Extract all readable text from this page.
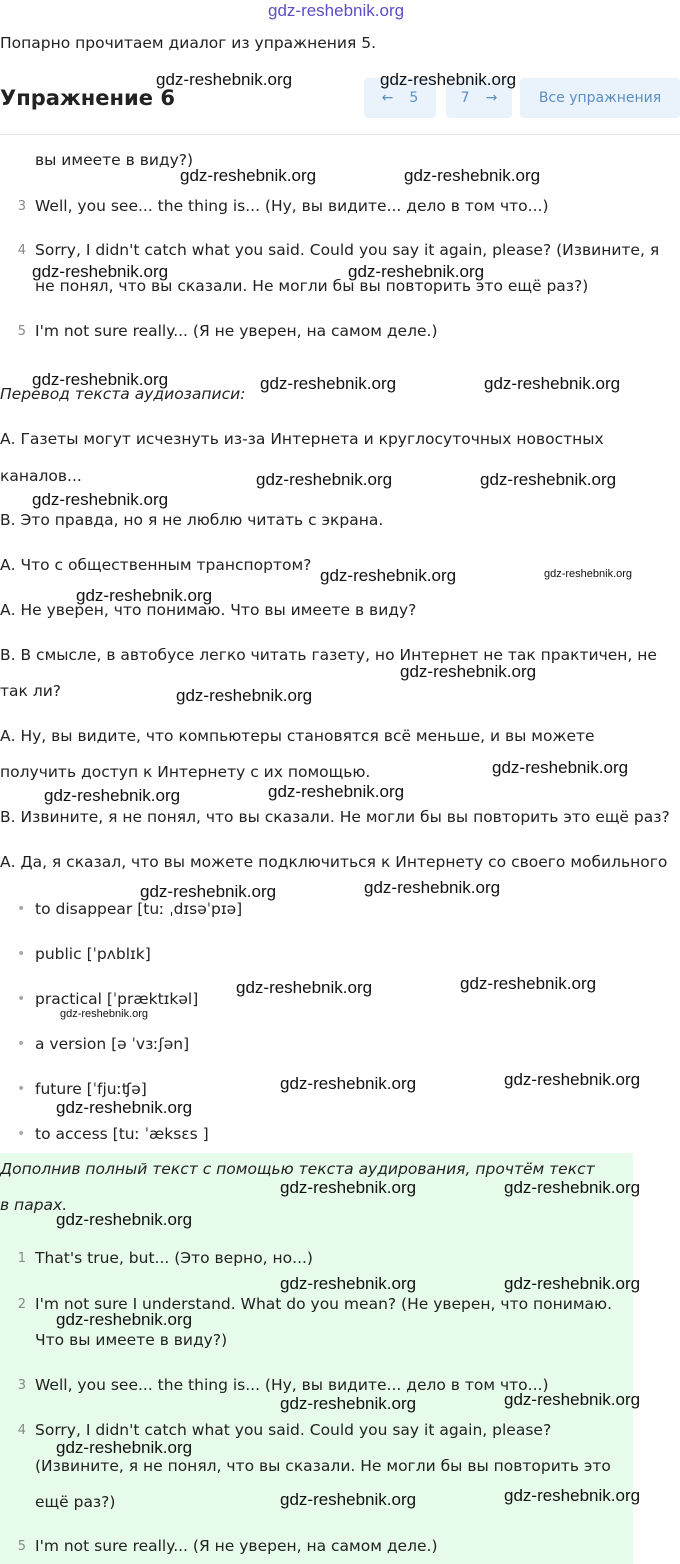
gdz-reshebnik.org
Попарно прочитаем диалог из упражнения 5.
Упражнение 6	← 5	7 →	Все упражнения
вы имеете в виду?)
3 Well, you see... the thing is... (Ну, вы видите... дело в том что...)
4 Sorry, I didn't catch what you said. Could you say it again, please? (Извините, я
не понял, что вы сказали. Не могли бы вы повторить это ещё раз?)
5 I'm not sure really... (Я не уверен, на самом деле.)
Перевод текста аудиозаписи:
А. Газеты могут исчезнуть из-за Интернета и круглосуточных новостных
каналов...
В. Это правда, но я не люблю читать с экрана.
А. Что с общественным транспортом?
А. Не уверен, что понимаю. Что вы имеете в виду?
В. В смысле, в автобусе легко читать газету, но Интернет не так практичен, не
так ли?
А. Ну, вы видите, что компьютеры становятся всё меньше, и вы можете
получить доступ к Интернету с их помощью.
В. Извините, я не понял, что вы сказали. Не могли бы вы повторить это ещё раз?
А. Да, я сказал, что вы можете подключиться к Интернету со своего мобильного
• to disappear [tuː ˌdɪsəˈpɪə]
• public [ˈpʌblɪk]
• practical [ˈpræktɪkəl]
• a version [ə ˈvɜːʃən]
• future [ˈfjuːʧə]
• to access [tuː ˈæksɛs ]
Дополнив полный текст с помощью текста аудирования, прочтём текст
в парах.
1 That's true, but... (Это верно, но...)
2 I'm not sure I understand. What do you mean? (Не уверен, что понимаю.
Что вы имеете в виду?)
3 Well, you see... the thing is... (Ну, вы видите... дело в том что...)
4 Sorry, I didn't catch what you said. Could you say it again, please?
(Извините, я не понял, что вы сказали. Не могли бы вы повторить это
ещё раз?)
5 I'm not sure really... (Я не уверен, на самом деле.)
gdz-reshebnik.org	gdz-reshebnik.org
gdz-reshebnik.org	gdz-reshebnik.org
gdz-reshebnik.org	gdz-reshebnik.org
gdz-reshebnik.org	gdz-reshebnik.org	gdz-reshebnik.org
gdz-reshebnik.org	gdz-reshebnik.org
gdz-reshebnik.org
gdz-reshebnik.org	gdz-reshebnik.org
gdz-reshebnik.org
gdz-reshebnik.org
gdz-reshebnik.org
gdz-reshebnik.org
gdz-reshebnik.org
gdz-reshebnik.org
gdz-reshebnik.org
gdz-reshebnik.org
gdz-reshebnik.org
gdz-reshebnik.org
gdz-reshebnik.org
gdz-reshebnik.org
gdz-reshebnik.org
gdz-reshebnik.org
gdz-reshebnik.org	gdz-reshebnik.org
gdz-reshebnik.org
gdz-reshebnik.org	gdz-reshebnik.org
gdz-reshebnik.org
gdz-reshebnik.org
gdz-reshebnik.org
gdz-reshebnik.org
gdz-reshebnik.org
gdz-reshebnik.org
